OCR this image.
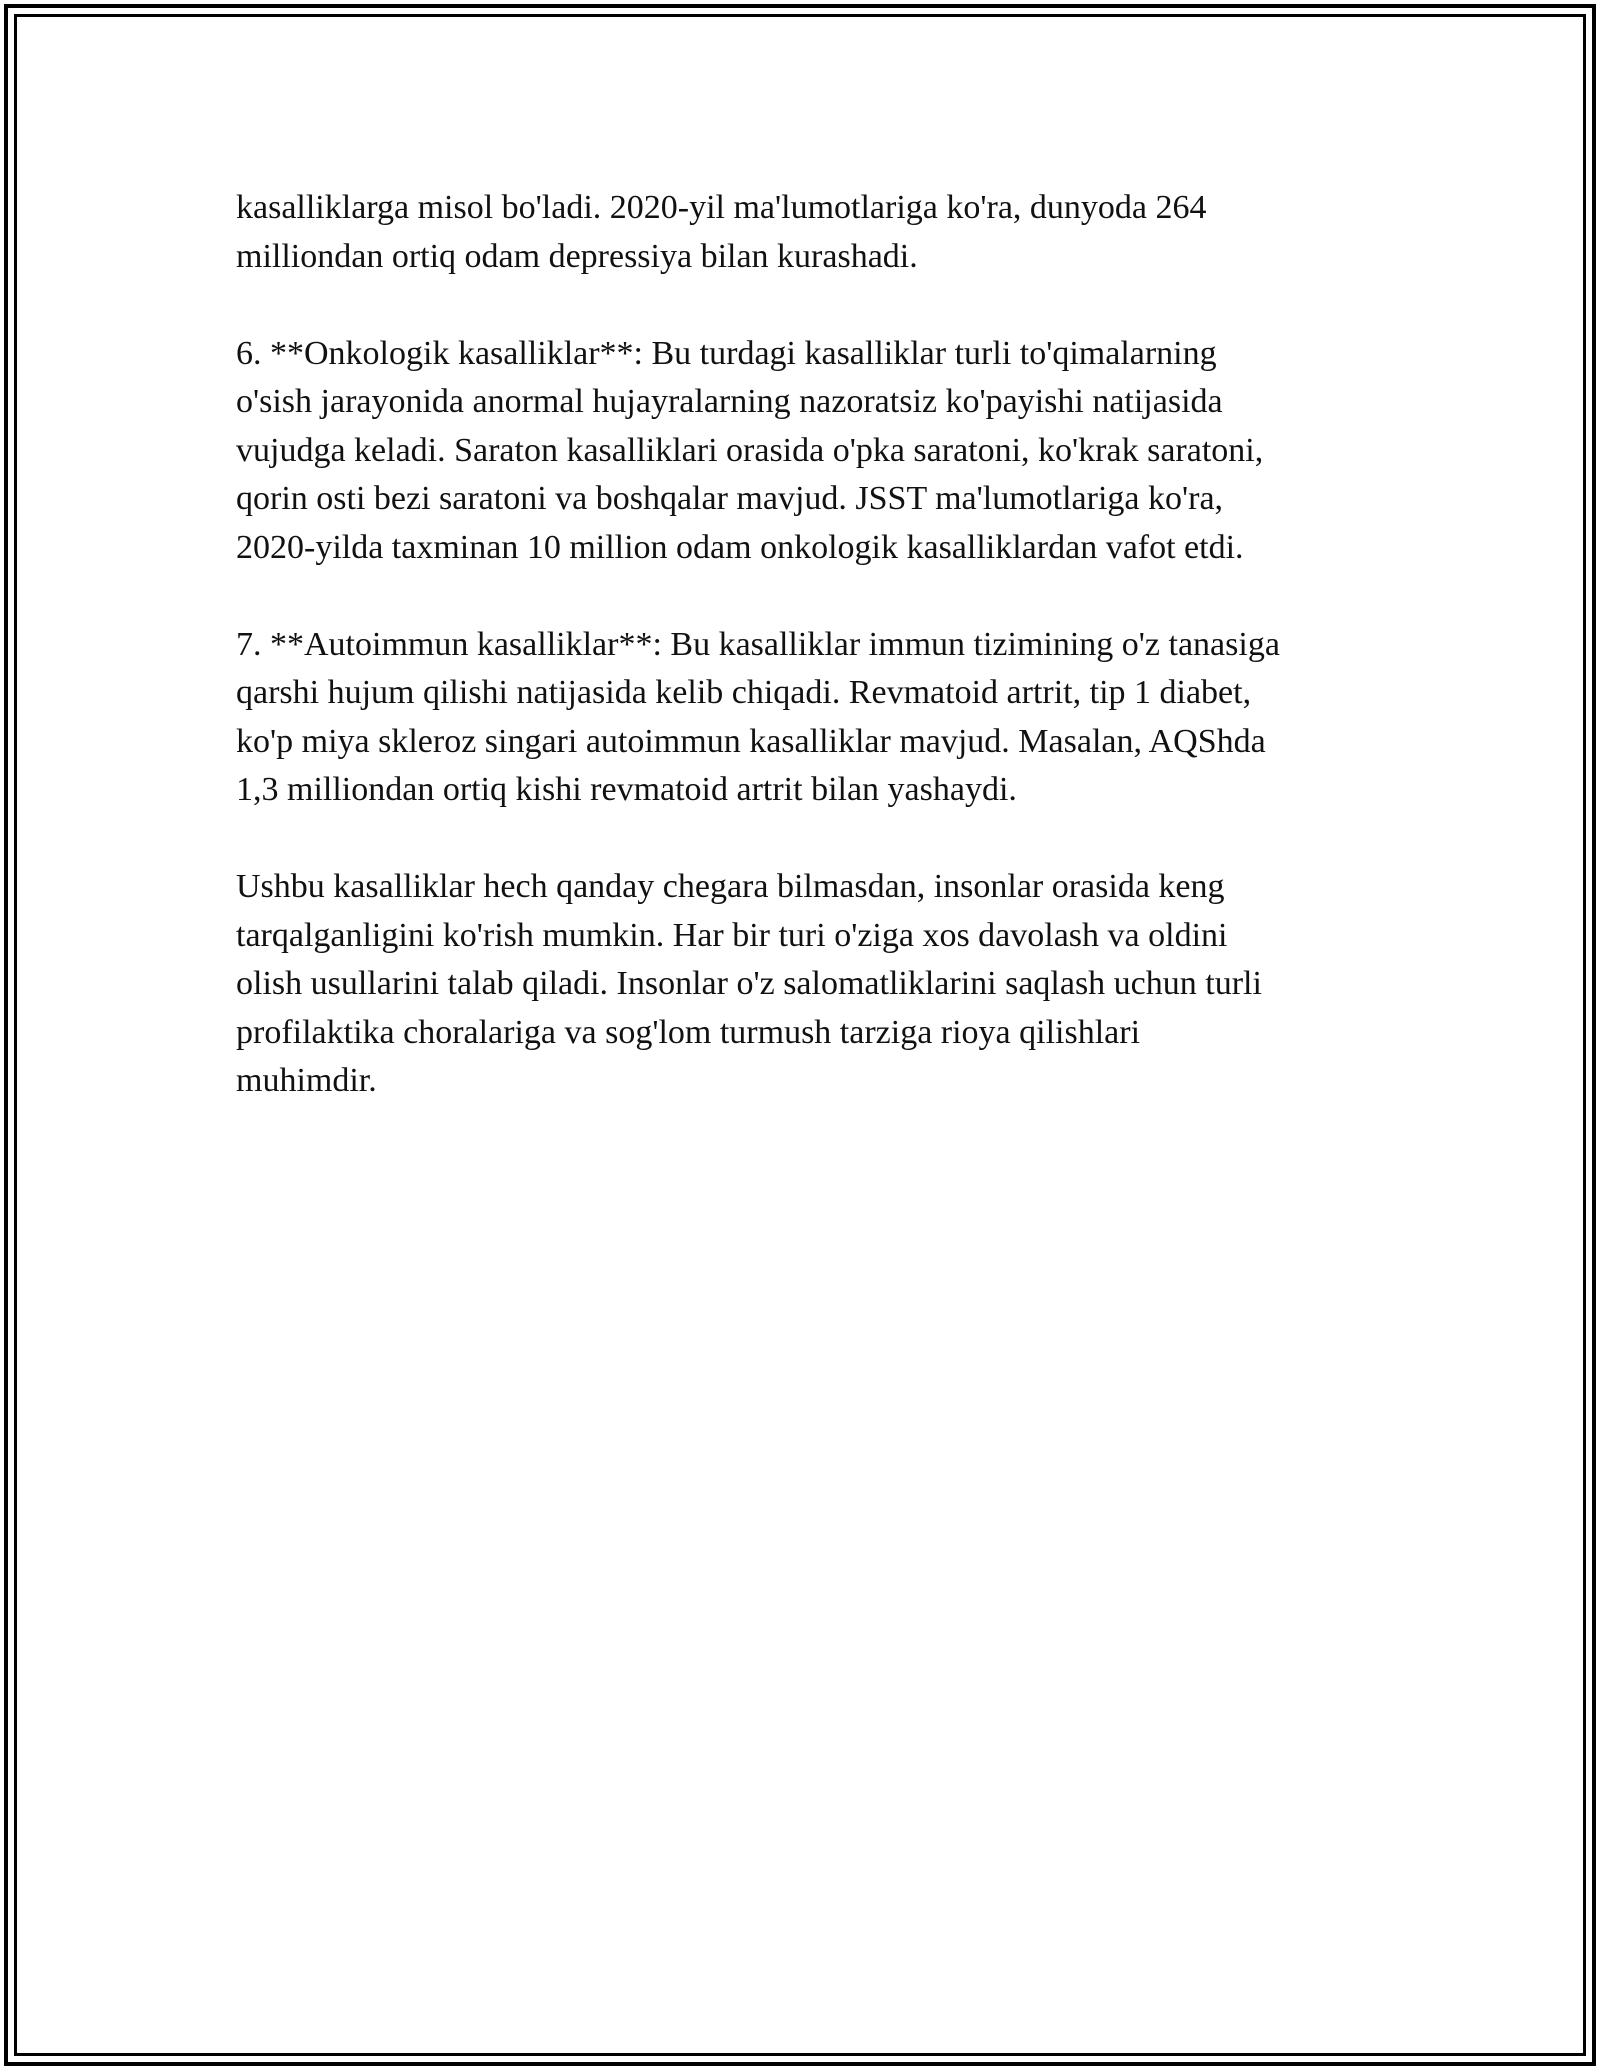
kasalliklarga misol bo'ladi. 2020-yil ma'lumotlariga ko'ra, dunyoda 264
milliondan ortiq odam depressiya bilan kurashadi.

6. **Onkologik kasalliklar**: Bu turdagi kasalliklar turli to'qimalarning
o'sish jarayonida anormal hujayralarning nazoratsiz ko'payishi natijasida
vujudga keladi. Saraton kasalliklari orasida o'pka saratoni, ko'krak saratoni,
qorin osti bezi saratoni va boshqalar mavjud. JSST ma'lumotlariga ko'ra,
2020-yilda taxminan 10 million odam onkologik kasalliklardan vafot etdi.

7. **Autoimmun kasalliklar**: Bu kasalliklar immun tizimining o'z tanasiga
qarshi hujum qilishi natijasida kelib chiqadi. Revmatoid artrit, tip 1 diabet,
ko'p miya skleroz singari autoimmun kasalliklar mavjud. Masalan, AQShda
1,3 milliondan ortiq kishi revmatoid artrit bilan yashaydi.

Ushbu kasalliklar hech qanday chegara bilmasdan, insonlar orasida keng
tarqalganligini ko'rish mumkin. Har bir turi o'ziga xos davolash va oldini
olish usullarini talab qiladi. Insonlar o'z salomatliklarini saqlash uchun turli
profilaktika choralariga va sog'lom turmush tarziga rioya qilishlari
muhimdir.
